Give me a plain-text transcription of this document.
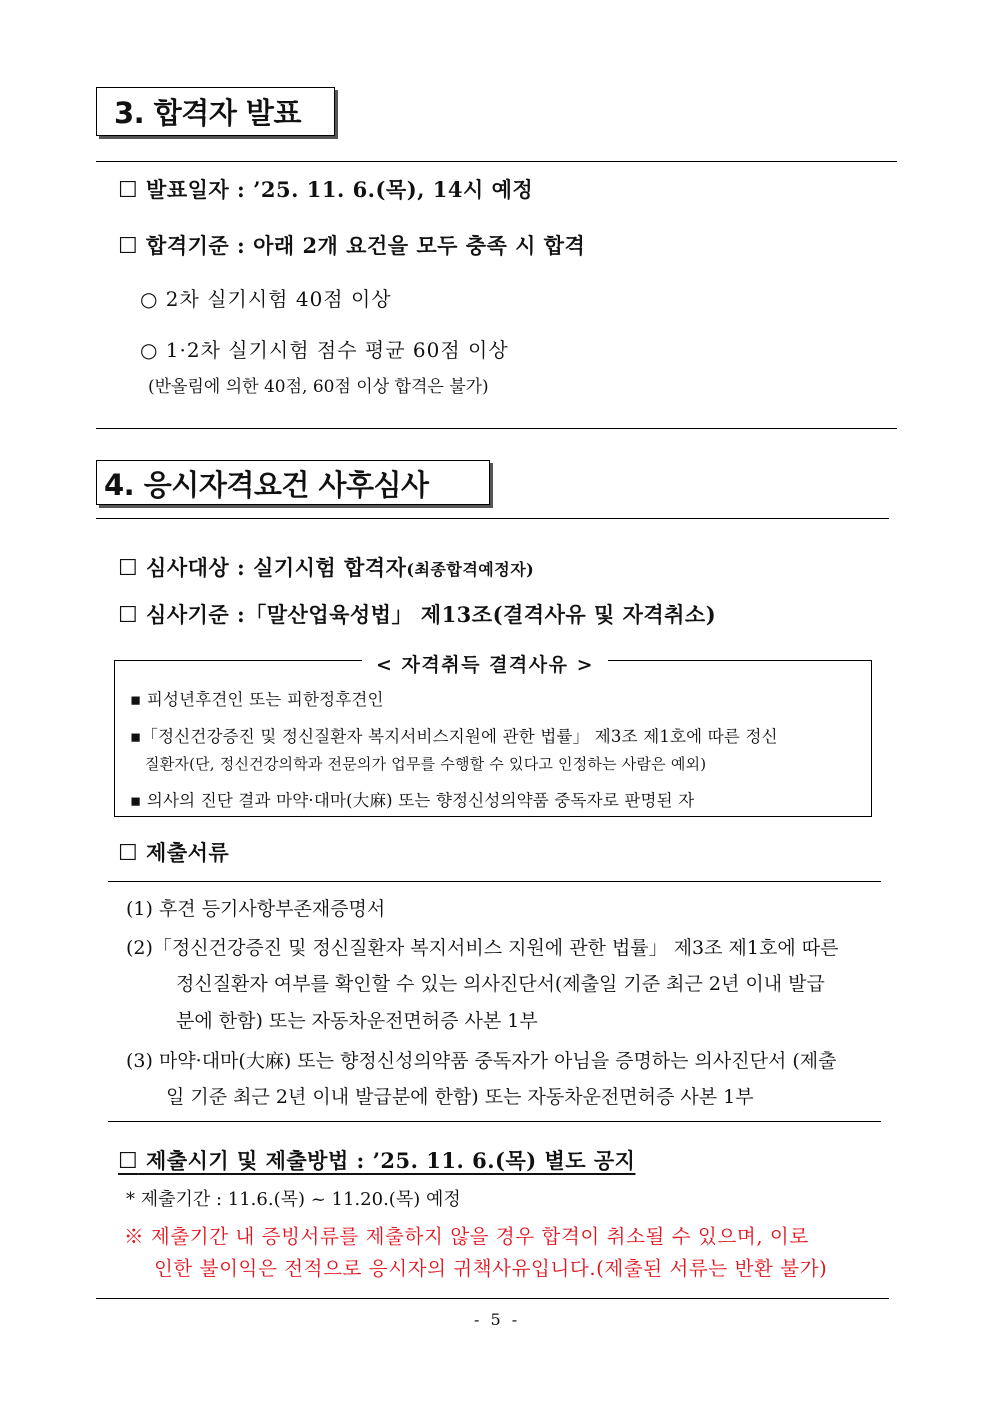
3. 합격자 발표
☐ 발표일자 : ’25. 11. 6.(목), 14시 예정
☐ 합격기준 : 아래 2개 요건을 모두 충족 시 합격
○ 2차 실기시험 40점 이상
○ 1·2차 실기시험 점수 평균 60점 이상
(반올림에 의한 40점, 60점 이상 합격은 불가)
4. 응시자격요건 사후심사
☐ 심사대상 : 실기시험 합격자(최종합격예정자)
☐ 심사기준 :「말산업육성법」 제13조(결격사유 및 자격취소)
< 자격취득 결격사유 >
▪ 피성년후견인 또는 피한정후견인
▪「정신건강증진 및 정신질환자 복지서비스지원에 관한 법률」 제3조 제1호에 따른 정신
질환자(단, 정신건강의학과 전문의가 업무를 수행할 수 있다고 인정하는 사람은 예외)
▪ 의사의 진단 결과 마약·대마(大麻) 또는 향정신성의약품 중독자로 판명된 자
☐ 제출서류
(1) 후견 등기사항부존재증명서
(2)「정신건강증진 및 정신질환자 복지서비스 지원에 관한 법률」 제3조 제1호에 따른
정신질환자 여부를 확인할 수 있는 의사진단서(제출일 기준 최근 2년 이내 발급
분에 한함) 또는 자동차운전면허증 사본 1부
(3) 마약·대마(大麻) 또는 향정신성의약품 중독자가 아님을 증명하는 의사진단서 (제출
일 기준 최근 2년 이내 발급분에 한함) 또는 자동차운전면허증 사본 1부
☐ 제출시기 및 제출방법 : ’25. 11. 6.(목) 별도 공지
* 제출기간 : 11.6.(목) ~ 11.20.(목) 예정
※ 제출기간 내 증빙서류를 제출하지 않을 경우 합격이 취소될 수 있으며, 이로
인한 불이익은 전적으로 응시자의 귀책사유입니다.(제출된 서류는 반환 불가)
- 5 -
